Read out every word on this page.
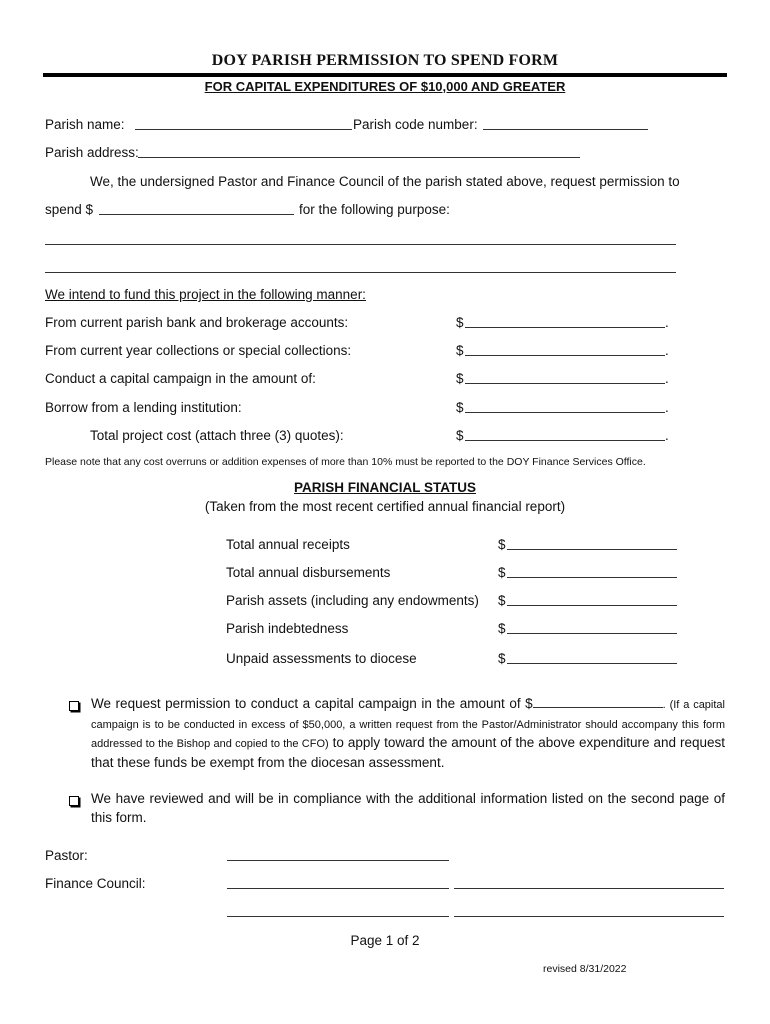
DOY PARISH PERMISSION TO SPEND FORM
FOR CAPITAL EXPENDITURES OF $10,000 AND GREATER
Parish name:	Parish code number:
Parish address:
We, the undersigned Pastor and Finance Council of the parish stated above, request permission to
spend $	for the following purpose:
We intend to fund this project in the following manner:
From current parish bank and brokerage accounts:	$	.
From current year collections or special collections:	$	.
Conduct a capital campaign in the amount of:	$	.
Borrow from a lending institution:	$	.
Total project cost (attach three (3) quotes):	$	.
Please note that any cost overruns or addition expenses of more than 10% must be reported to the DOY Finance Services Office.
PARISH FINANCIAL STATUS
(Taken from the most recent certified annual financial report)
Total annual receipts	$
Total annual disbursements	$
Parish assets (including any endowments) $
Parish indebtedness	$
Unpaid assessments to diocese	$
We request permission to conduct a capital campaign in the amount of $	. (If a capital campaign is to be conducted in excess of $50,000, a written request from the Pastor/Administrator should accompany this form addressed to the Bishop and copied to the CFO) to apply toward the amount of the above expenditure and request that these funds be exempt from the diocesan assessment.
We have reviewed and will be in compliance with the additional information listed on the second page of this form.
Pastor:
Finance Council:
Page 1 of 2
revised 8/31/2022
